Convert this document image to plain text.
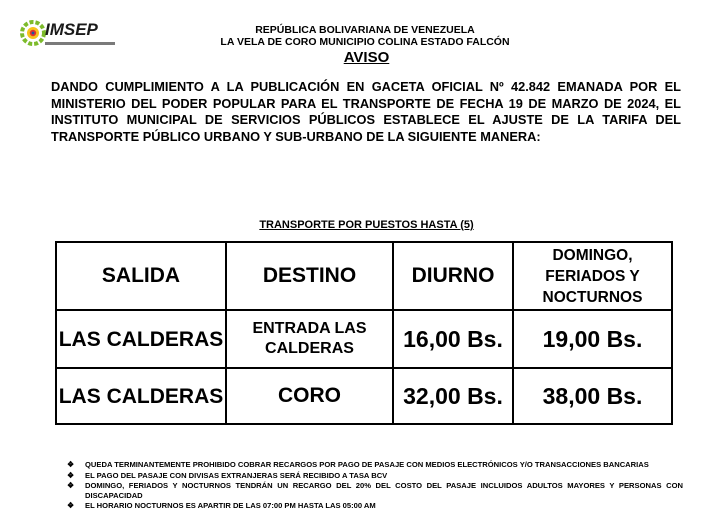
IMSEP	REPÚBLICA BOLIVARIANA DE VENEZUELA
LA VELA DE CORO MUNICIPIO COLINA ESTADO FALCÓN
AVISO
DANDO CUMPLIMIENTO A LA PUBLICACIÓN EN GACETA OFICIAL Nº 42.842 EMANADA POR EL MINISTERIO DEL PODER POPULAR PARA EL TRANSPORTE DE FECHA 19 DE MARZO DE 2024, EL INSTITUTO MUNICIPAL DE SERVICIOS PÚBLICOS ESTABLECE EL AJUSTE DE LA TARIFA DEL TRANSPORTE PÚBLICO URBANO Y SUB-URBANO DE LA SIGUIENTE MANERA:
TRANSPORTE POR PUESTOS HASTA (5)
SALIDA	DESTINO	DIURNO	DOMINGO, FERIADOS Y NOCTURNOS
LAS CALDERAS	ENTRADA LAS CALDERAS	16,00 Bs.	19,00 Bs.
LAS CALDERAS	CORO	32,00 Bs.	38,00 Bs.
❖ QUEDA TERMINANTEMENTE PROHIBIDO COBRAR RECARGOS POR PAGO DE PASAJE CON MEDIOS ELECTRÓNICOS Y/O TRANSACCIONES BANCARIAS
❖ EL PAGO DEL PASAJE CON DIVISAS EXTRANJERAS SERÁ RECIBIDO A TASA BCV
❖ DOMINGO, FERIADOS Y NOCTURNOS TENDRÁN UN RECARGO DEL 20% DEL COSTO DEL PASAJE INCLUIDOS ADULTOS MAYORES Y PERSONAS CON DISCAPACIDAD
❖ EL HORARIO NOCTURNOS ES APARTIR DE LAS 07:00 PM HASTA LAS 05:00 AM
